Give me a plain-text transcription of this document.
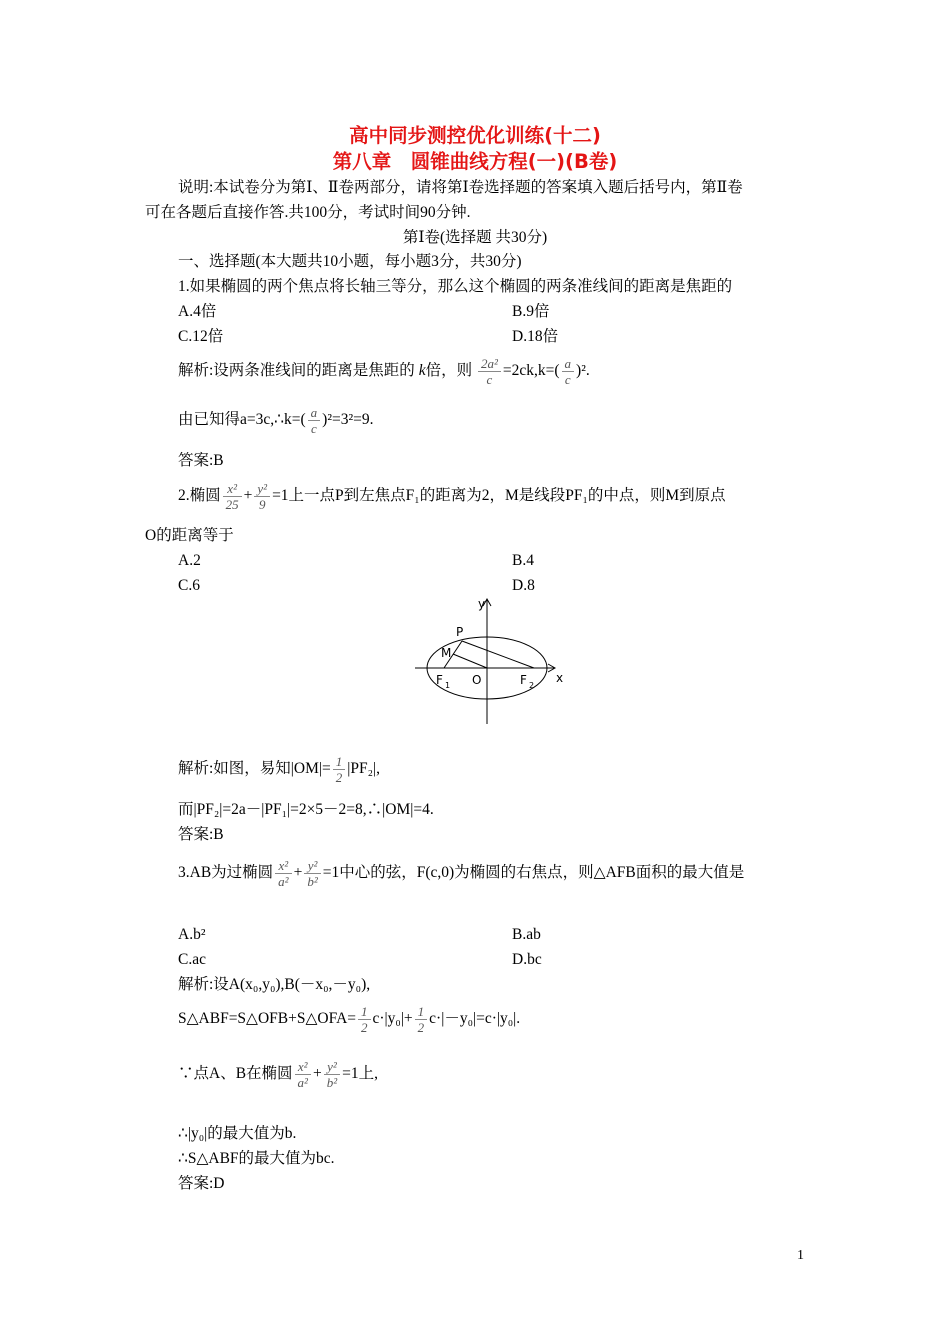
高中同步测控优化训练(十二)
第八章　圆锥曲线方程(一)(B卷)
说明:本试卷分为第Ⅰ、Ⅱ卷两部分，请将第Ⅰ卷选择题的答案填入题后括号内，第Ⅱ卷
可在各题后直接作答.共100分，考试时间90分钟.
第Ⅰ卷(选择题 共30分)
一、选择题(本大题共10小题，每小题3分，共30分)
1.如果椭圆的两个焦点将长轴三等分，那么这个椭圆的两条准线间的距离是焦距的
A.4倍	B.9倍
C.12倍	D.18倍
解析:设两条准线间的距离是焦距的 k倍，则 $\frac{\text{2a²}}{c} =2ck,k=( \frac{a}{c} )^2$.
由已知得a=3c,∴k=( $\frac{a}{c} )^2=3^2=9$.
答案:B
2.椭圆 $\frac{\text{x²}}{25} + \frac{\text{y²}}{9} =1$上一点P到左焦点F₁的距离为2，M是线段PF₁的中点，则M到原点
O的距离等于
A.2	B.4
C.6	D.8
y
x
P
M
O
F 1	F 2
解析:如图，易知$|OM|= \frac{1}{2} |PF_2|$,
而|PF₂|=2a－|PF₁|=2×5－2=8,∴|OM|=4.
答案:B
3.AB为过椭圆 $\frac{\text{x²}}{\text{a²}} + \frac{\text{y²}}{\text{b²}} =1$中心的弦，F(c,0)为椭圆的右焦点，则△AFB面积的最大值是
A.b²	B.ab
C.ac	D.bc
解析:设A(x₀,y₀),B(－x₀,－y₀),
S△ABF=S△OFB+S△OFA= $\frac{1}{2} c\cdot|y_0|+ \frac{1}{2} c\cdot|-y_0|=c\cdot|y_0|$.
∵点A、B在椭圆 $\frac{\text{x²}}{\text{a²}} + \frac{\text{y²}}{\text{b²}} =1$上,
∴|y₀|的最大值为b.
∴S△ABF的最大值为bc.
答案:D
1
